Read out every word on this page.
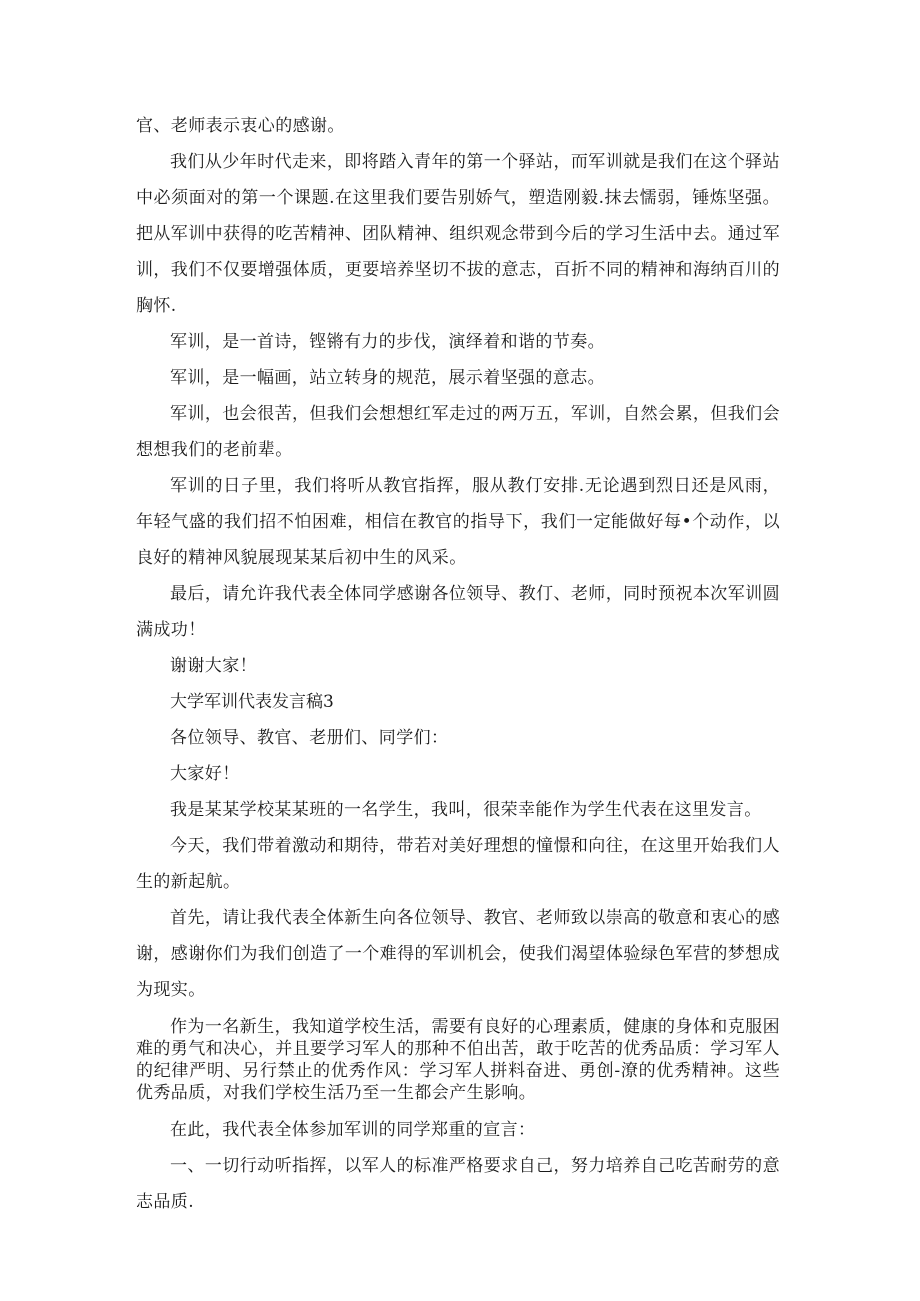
官、老师表示衷心的感谢。

我们从少年时代走来，即将踏入青年的第一个驿站，而军训就是我们在这个驿站中必须面对的第一个课题.在这里我们要告别娇气，塑造刚毅.抹去懦弱，锤炼坚强。把从军训中获得的吃苦精神、团队精神、组织观念带到今后的学习生活中去。通过军训，我们不仅要增强体质，更要培养坚切不拔的意志，百折不同的精神和海纳百川的胸怀.

军训，是一首诗，铿锵有力的步伐，演绎着和谐的节奏。

军训，是一幅画，站立转身的规范，展示着坚强的意志。

军训，也会很苦，但我们会想想红军走过的两万五，军训，自然会累，但我们会想想我们的老前辈。

军训的日子里，我们将听从教官指挥，服从教仃安排.无论遇到烈日还是风雨，年轻气盛的我们招不怕困难，相信在教官的指导下，我们一定能做好每•个动作，以良好的精神风貌展现某某后初中生的风采。

最后，请允许我代表全体同学感谢各位领导、教仃、老师，同时预祝本次军训圆满成功！

谢谢大家！

大学军训代表发言稿3

各位领导、教官、老册们、同学们：

大家好！

我是某某学校某某班的一名学生，我叫，很荣幸能作为学生代表在这里发言。

今天，我们带着激动和期待，带若对美好理想的憧憬和向往，在这里开始我们人生的新起航。

首先，请让我代表全体新生向各位领导、教官、老师致以崇高的敬意和衷心的感谢，感谢你们为我们创造了一个难得的军训机会，使我们渴望体验绿色军营的梦想成为现实。

作为一名新生，我知道学校生活，需要有良好的心理素质，健康的身体和克服困难的勇气和决心，并且要学习军人的那种不伯出苦，敢于吃苦的优秀品质：学习军人的纪律严明、另行禁止的优秀作风：学习军人拼料奋进、勇创-潦的优秀精神。这些优秀品质，对我们学校生活乃至一生都会产生影响。

在此，我代表全体参加军训的同学郑重的宣言：

一、一切行动听指挥，以军人的标准严格要求自己，努力培养自己吃苦耐劳的意志品质.
